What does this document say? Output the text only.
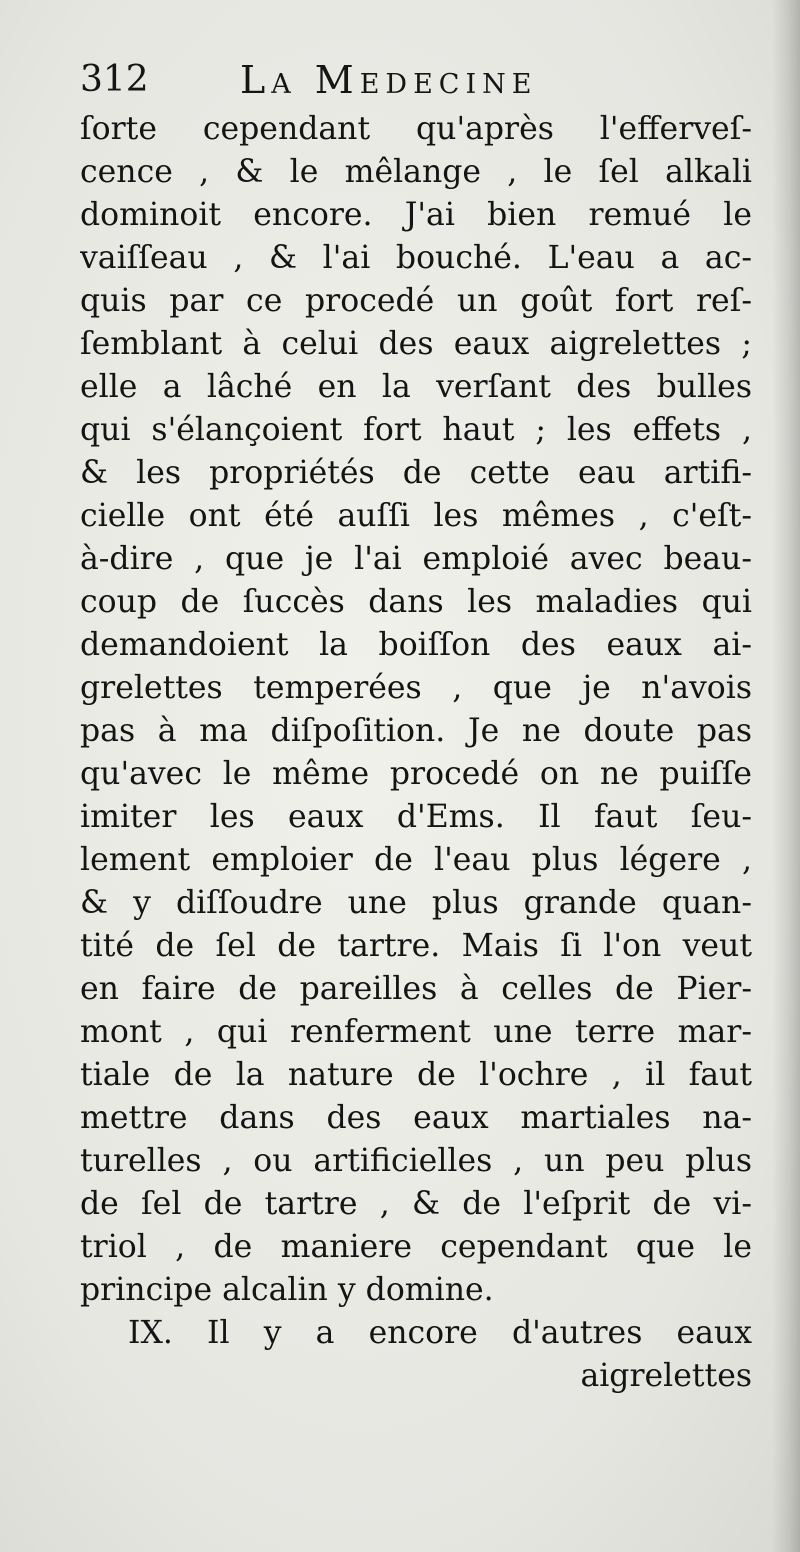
312 La Medecine
ſorte cependant qu'après l'efferveſ-
cence , & le mêlange , le ſel alkali
dominoit encore. J'ai bien remué le
vaiſſeau , & l'ai bouché. L'eau a ac-
quis par ce procedé un goût fort reſ-
ſemblant à celui des eaux aigrelettes ;
elle a lâché en la verſant des bulles
qui s'élançoient fort haut ; les effets ,
& les propriétés de cette eau artifi-
cielle ont été auſſi les mêmes , c'eſt-
à-dire , que je l'ai emploié avec beau-
coup de ſuccès dans les maladies qui
demandoient la boiſſon des eaux ai-
grelettes temperées , que je n'avois
pas à ma diſpoſition. Je ne doute pas
qu'avec le même procedé on ne puiſſe
imiter les eaux d'Ems. Il faut ſeu-
lement emploier de l'eau plus légere ,
& y diſſoudre une plus grande quan-
tité de ſel de tartre. Mais ſi l'on veut
en faire de pareilles à celles de Pier-
mont , qui renferment une terre mar-
tiale de la nature de l'ochre , il faut
mettre dans des eaux martiales na-
turelles , ou artificielles , un peu plus
de ſel de tartre , & de l'eſprit de vi-
triol , de maniere cependant que le
principe alcalin y domine.
IX. Il y a encore d'autres eaux
aigrelettes
